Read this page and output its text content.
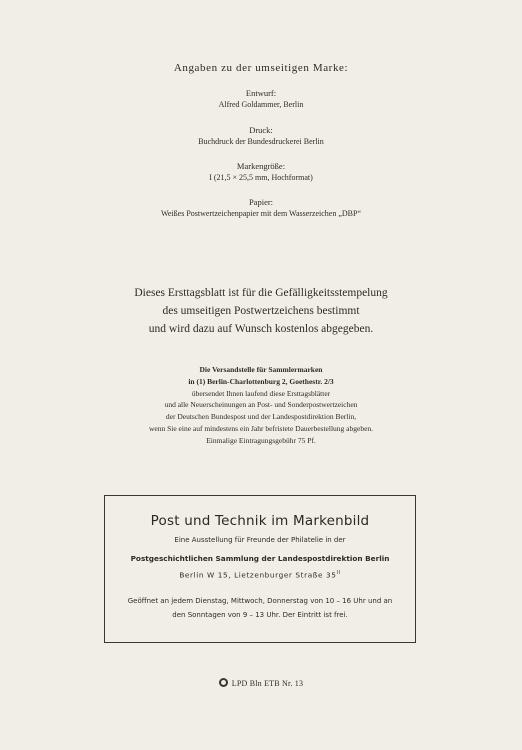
Angaben zu der umseitigen Marke:
Entwurf:
Alfred Goldammer, Berlin
Druck:
Buchdruck der Bundesdruckerei Berlin
Markengröße:
I (21,5 × 25,5 mm, Hochformat)
Papier:
Weißes Postwertzeichenpapier mit dem Wasserzeichen „DBP“
Dieses Ersttagsblatt ist für die Gefälligkeitsstempelung
des umseitigen Postwertzeichens bestimmt
und wird dazu auf Wunsch kostenlos abgegeben.
Die Versandstelle für Sammlermarken
in (1) Berlin-Charlottenburg 2, Goethestr. 2/3
übersendet Ihnen laufend diese Ersttagsblätter
und alle Neuerscheinungen an Post- und Sonderpostwertzeichen
der Deutschen Bundespost und der Landespostdirektion Berlin,
wenn Sie eine auf mindestens ein Jahr befristete Dauerbestellung abgeben.
Einmalige Eintragungsgebühr 75 Pf.
Post und Technik im Markenbild
Eine Ausstellung für Freunde der Philatelie in der
Postgeschichtlichen Sammlung der Landespostdirektion Berlin
Berlin W 15, Lietzenburger Straße $35^{II}$
Geöffnet an jedem Dienstag, Mittwoch, Donnerstag von 10 – 16 Uhr und an
den Sonntagen von 9 – 13 Uhr. Der Eintritt ist frei.
LPD Bln ETB Nr. 13
